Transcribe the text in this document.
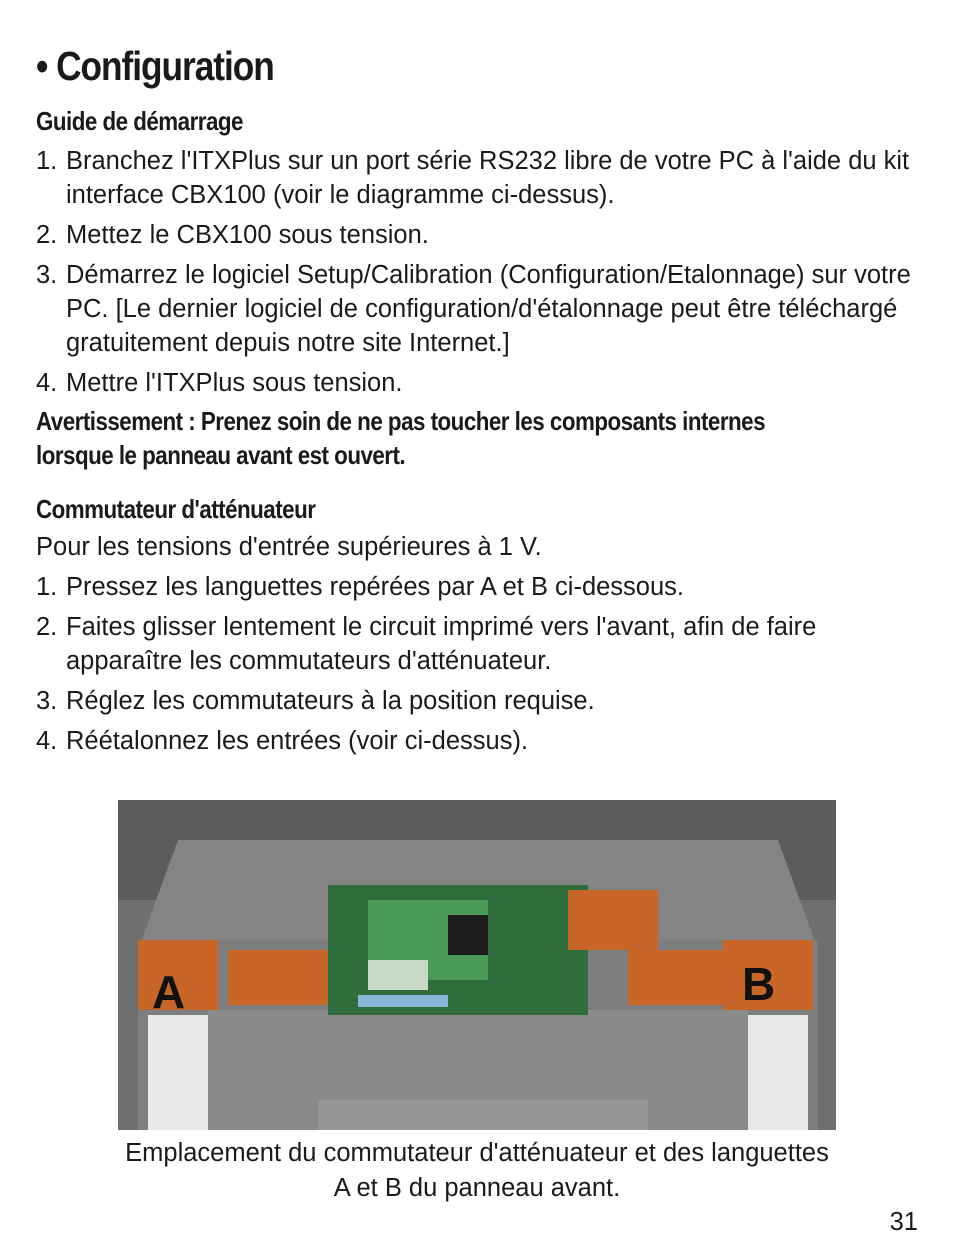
• Configuration
Guide de démarrage
1. Branchez l'ITXPlus sur un port série RS232 libre de votre PC à l'aide du kit interface CBX100 (voir le diagramme ci-dessus).
2. Mettez le CBX100 sous tension.
3. Démarrez le logiciel Setup/Calibration (Configuration/Etalonnage) sur votre PC. [Le dernier logiciel de configuration/d'étalonnage peut être téléchargé gratuitement depuis notre site Internet.]
4. Mettre l'ITXPlus sous tension.
Avertissement : Prenez soin de ne pas toucher les composants internes
lorsque le panneau avant est ouvert.
Commutateur d'atténuateur
Pour les tensions d'entrée supérieures à 1 V.
1. Pressez les languettes repérées par A et B ci-dessous.
2. Faites glisser lentement le circuit imprimé vers l'avant, afin de faire apparaître les commutateurs d'atténuateur.
3. Réglez les commutateurs à la position requise.
4. Réétalonnez les entrées (voir ci-dessus).
A	B
Emplacement du commutateur d'atténuateur et des languettes
A et B du panneau avant.
31
